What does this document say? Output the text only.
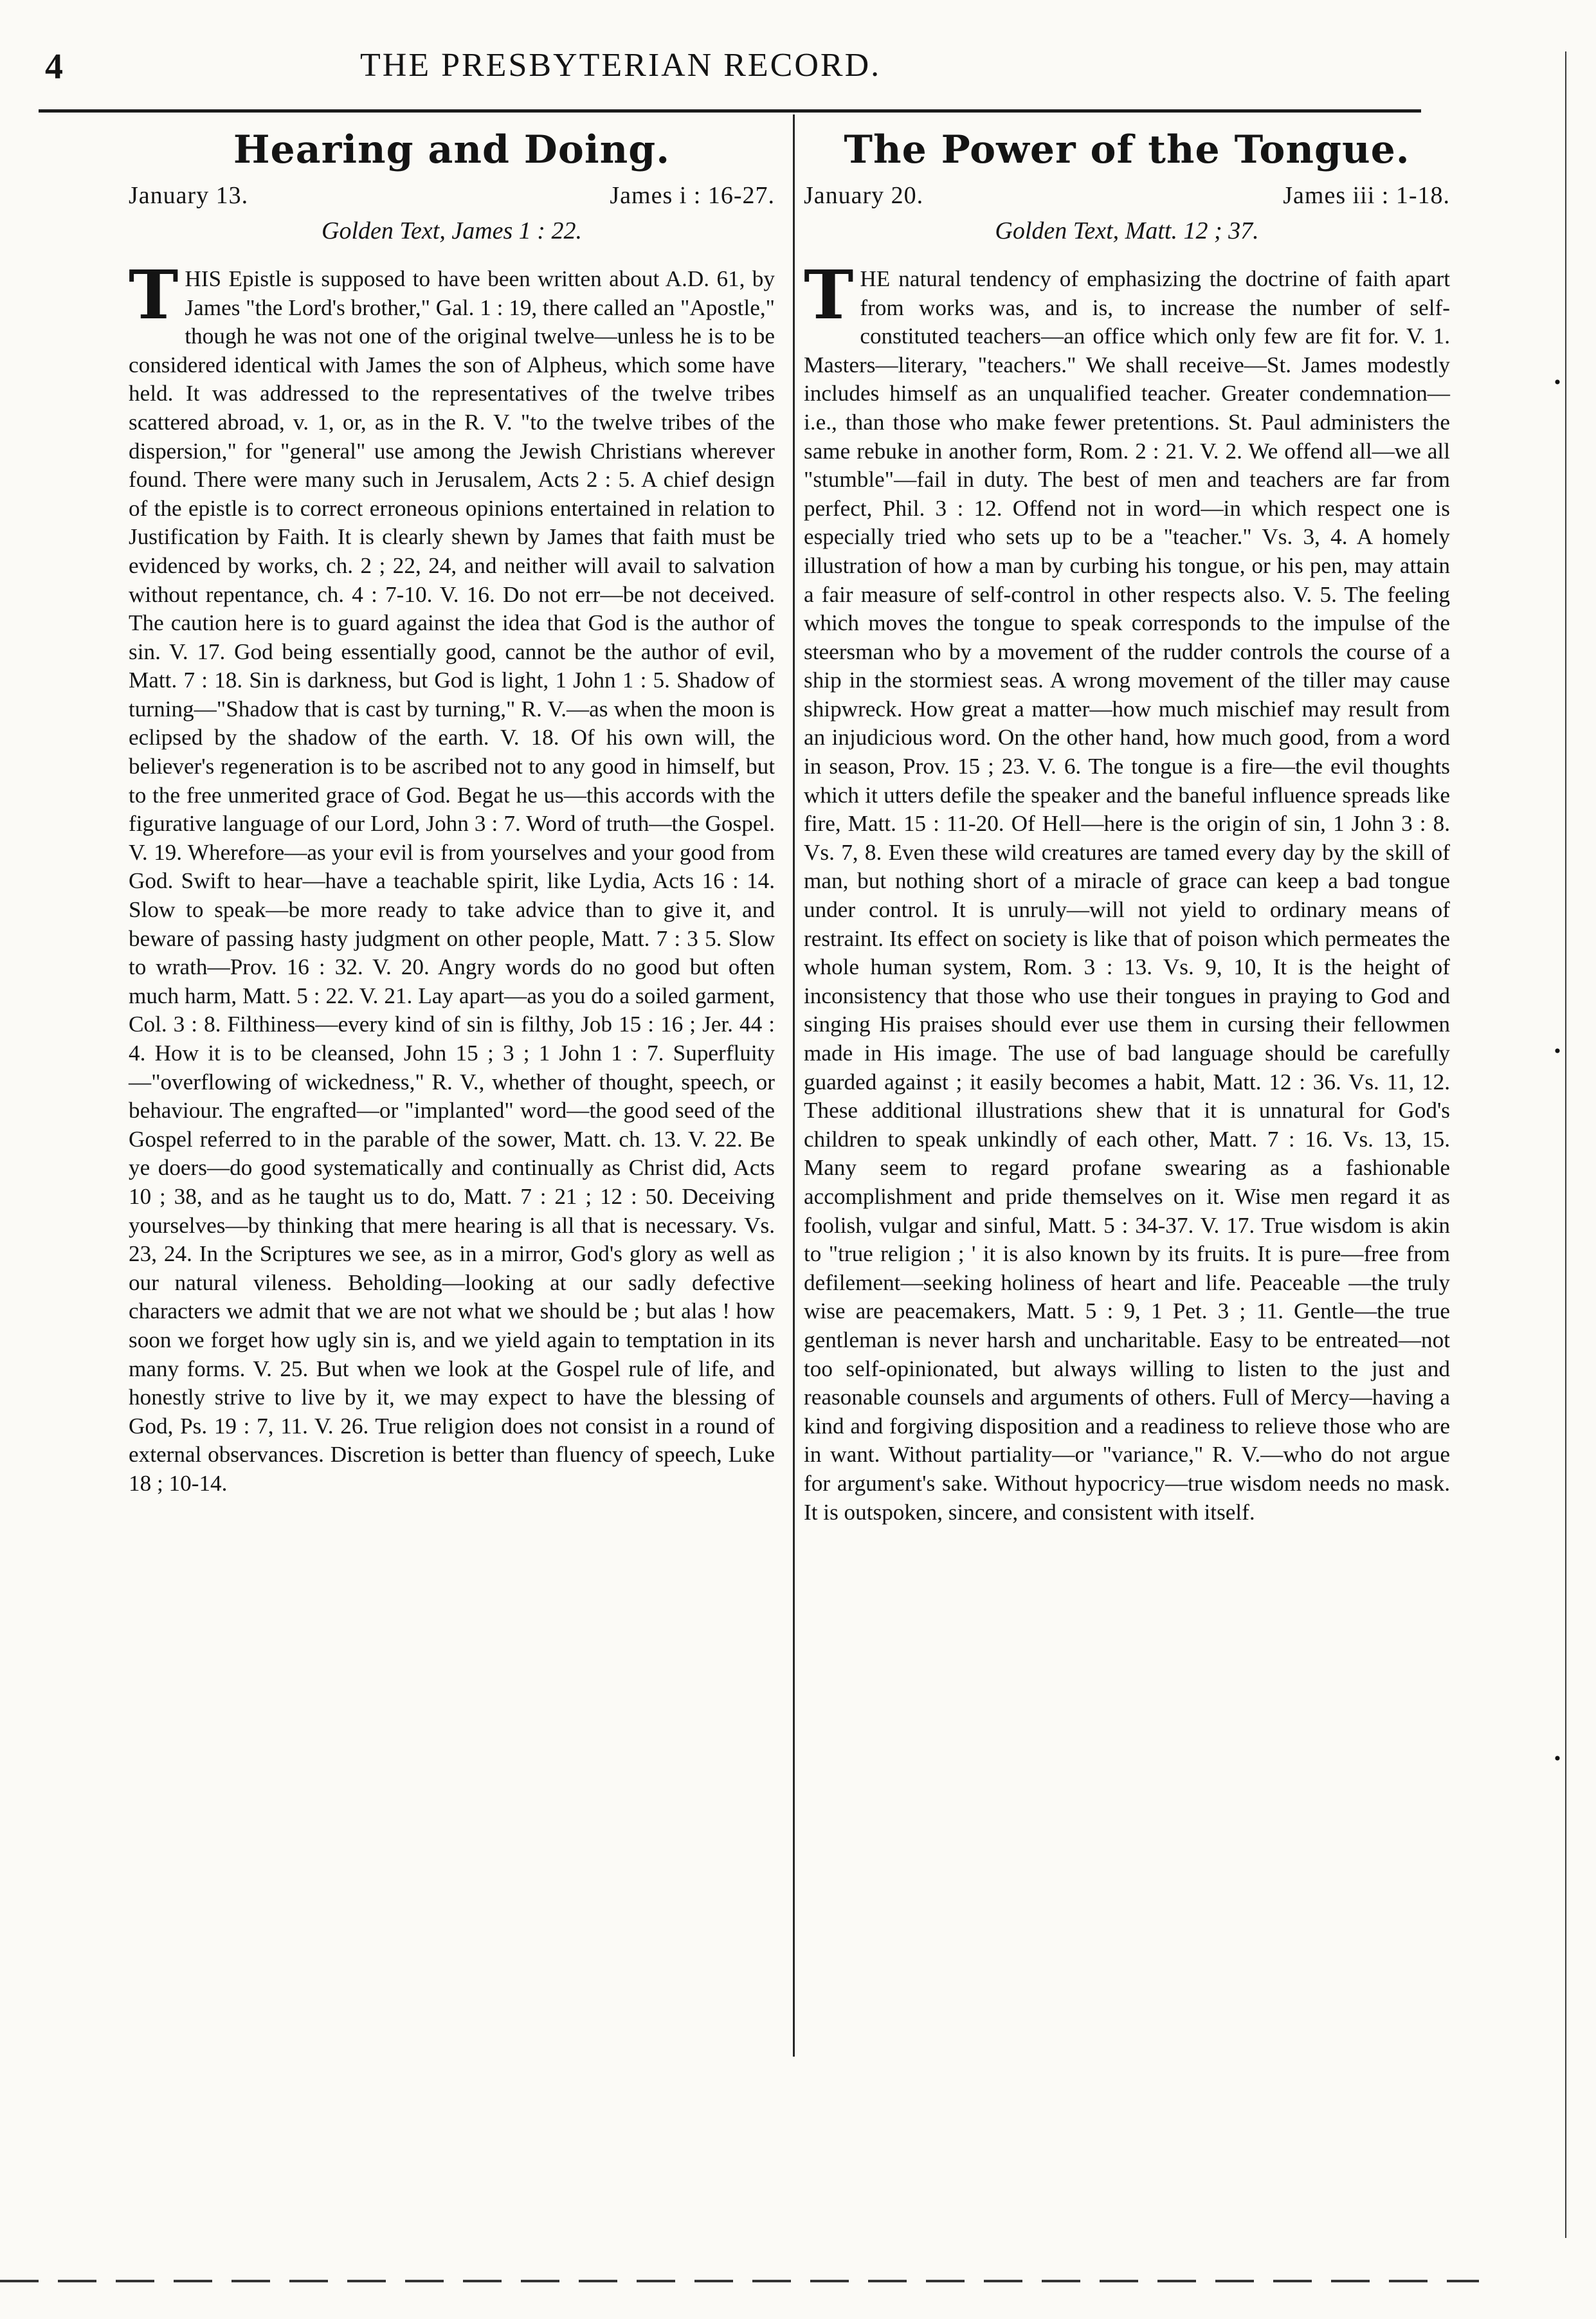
4	THE PRESBYTERIAN RECORD.
Hearing and Doing.
January 13.	James i : 16-27.
Golden Text, James 1 : 22.
T HIS Epistle is supposed to have been written about A.D. 61, by James "the Lord's brother," Gal. 1 : 19, there called an "Apostle," though he was not one of the original twelve—unless he is to be considered identical with James the son of Alpheus, which some have held. It was addressed to the representatives of the twelve tribes scattered abroad, v. 1, or, as in the R. V. "to the twelve tribes of the dispersion," for "general" use among the Jewish Christians wherever found. There were many such in Jerusalem, Acts 2 : 5. A chief design of the epistle is to correct erroneous opinions entertained in relation to Justification by Faith. It is clearly shewn by James that faith must be evidenced by works, ch. 2 ; 22, 24, and neither will avail to salvation without repentance, ch. 4 : 7-10. V. 16. Do not err—be not deceived. The caution here is to guard against the idea that God is the author of sin. V. 17. God being essentially good, cannot be the author of evil, Matt. 7 : 18. Sin is darkness, but God is light, 1 John 1 : 5. Shadow of turning—"Shadow that is cast by turning," R. V.—as when the moon is eclipsed by the shadow of the earth. V. 18. Of his own will, the believer's regeneration is to be ascribed not to any good in himself, but to the free unmerited grace of God. Begat he us—this accords with the figurative language of our Lord, John 3 : 7. Word of truth—the Gospel. V. 19. Wherefore—as your evil is from yourselves and your good from God. Swift to hear—have a teachable spirit, like Lydia, Acts 16 : 14. Slow to speak—be more ready to take advice than to give it, and beware of passing hasty judgment on other people, Matt. 7 : 3 5. Slow to wrath—Prov. 16 : 32. V. 20. Angry words do no good but often much harm, Matt. 5 : 22. V. 21. Lay apart—as you do a soiled garment, Col. 3 : 8. Filthiness—every kind of sin is filthy, Job 15 : 16 ; Jer. 44 : 4. How it is to be cleansed, John 15 ; 3 ; 1 John 1 : 7. Superfluity—"overflowing of wickedness," R. V., whether of thought, speech, or behaviour. The engrafted—or "implanted" word—the good seed of the Gospel referred to in the parable of the sower, Matt. ch. 13. V. 22. Be ye doers—do good systematically and continually as Christ did, Acts 10 ; 38, and as he taught us to do, Matt. 7 : 21 ; 12 : 50. Deceiving yourselves—by thinking that mere hearing is all that is necessary. Vs. 23, 24. In the Scriptures we see, as in a mirror, God's glory as well as our natural vileness. Beholding—looking at our sadly defective characters we admit that we are not what we should be ; but alas ! how soon we forget how ugly sin is, and we yield again to temptation in its many forms. V. 25. But when we look at the Gospel rule of life, and honestly strive to live by it, we may expect to have the blessing of God, Ps. 19 : 7, 11. V. 26. True religion does not consist in a round of external observances. Discretion is better than fluency of speech, Luke 18 ; 10-14.

The Power of the Tongue.
January 20.	James iii : 1-18.
Golden Text, Matt. 12 ; 37.
T HE natural tendency of emphasizing the doctrine of faith apart from works was, and is, to increase the number of self-constituted teachers—an office which only few are fit for. V. 1. Masters—literary, "teachers." We shall receive—St. James modestly includes himself as an unqualified teacher. Greater condemnation—i.e., than those who make fewer pretentions. St. Paul administers the same rebuke in another form, Rom. 2 : 21. V. 2. We offend all—we all "stumble"—fail in duty. The best of men and teachers are far from perfect, Phil. 3 : 12. Offend not in word—in which respect one is especially tried who sets up to be a "teacher." Vs. 3, 4. A homely illustration of how a man by curbing his tongue, or his pen, may attain a fair measure of self-control in other respects also. V. 5. The feeling which moves the tongue to speak corresponds to the impulse of the steersman who by a movement of the rudder controls the course of a ship in the stormiest seas. A wrong movement of the tiller may cause shipwreck. How great a matter—how much mischief may result from an injudicious word. On the other hand, how much good, from a word in season, Prov. 15 ; 23. V. 6. The tongue is a fire—the evil thoughts which it utters defile the speaker and the baneful influence spreads like fire, Matt. 15 : 11-20. Of Hell—here is the origin of sin, 1 John 3 : 8. Vs. 7, 8. Even these wild creatures are tamed every day by the skill of man, but nothing short of a miracle of grace can keep a bad tongue under control. It is unruly—will not yield to ordinary means of restraint. Its effect on society is like that of poison which permeates the whole human system, Rom. 3 : 13. Vs. 9, 10, It is the height of inconsistency that those who use their tongues in praying to God and singing His praises should ever use them in cursing their fellowmen made in His image. The use of bad language should be carefully guarded against ; it easily becomes a habit, Matt. 12 : 36. Vs. 11, 12. These additional illustrations shew that it is unnatural for God's children to speak unkindly of each other, Matt. 7 : 16. Vs. 13, 15. Many seem to regard profane swearing as a fashionable accomplishment and pride themselves on it. Wise men regard it as foolish, vulgar and sinful, Matt. 5 : 34-37. V. 17. True wisdom is akin to "true religion ; ' it is also known by its fruits. It is pure—free from defilement—seeking holiness of heart and life. Peaceable —the truly wise are peacemakers, Matt. 5 : 9, 1 Pet. 3 ; 11. Gentle—the true gentleman is never harsh and uncharitable. Easy to be entreated—not too self-opinionated, but always willing to listen to the just and reasonable counsels and arguments of others. Full of Mercy—having a kind and forgiving disposition and a readiness to relieve those who are in want. Without partiality—or "variance," R. V.—who do not argue for argument's sake. Without hypocricy—true wisdom needs no mask. It is outspoken, sincere, and consistent with itself.

·
·
·
